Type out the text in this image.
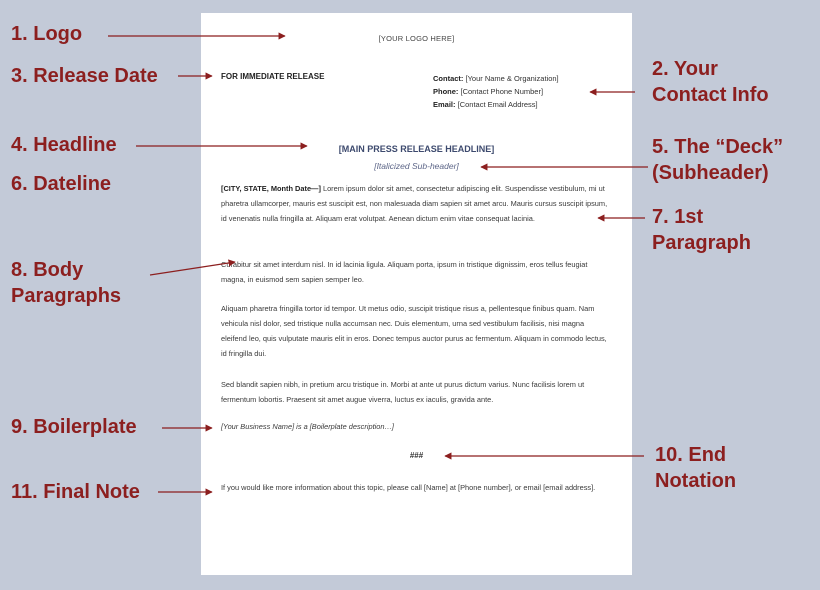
[YOUR LOGO HERE]
FOR IMMEDIATE RELEASE	Contact: [Your Name & Organization]
Phone: [Contact Phone Number]
Email: [Contact Email Address]
[MAIN PRESS RELEASE HEADLINE]
[Italicized Sub-header]
[CITY, STATE, Month Date—] Lorem ipsum dolor sit amet, consectetur adipiscing elit. Suspendisse vestibulum, mi ut pharetra ullamcorper, mauris est suscipit est, non malesuada diam sapien sit amet arcu. Mauris cursus suscipit ipsum, id venenatis nulla fringilla at. Aliquam erat volutpat. Aenean dictum enim vitae consequat lacinia.
Curabitur sit amet interdum nisl. In id lacinia ligula. Aliquam porta, ipsum in tristique dignissim, eros tellus feugiat magna, in euismod sem sapien semper leo.
Aliquam pharetra fringilla tortor id tempor. Ut metus odio, suscipit tristique risus a, pellentesque finibus quam. Nam vehicula nisl dolor, sed tristique nulla accumsan nec. Duis elementum, urna sed vestibulum facilisis, nisi magna eleifend leo, quis vulputate mauris elit in eros. Donec tempus auctor purus ac fermentum. Aliquam in commodo lectus, id fringilla dui.
Sed blandit sapien nibh, in pretium arcu tristique in. Morbi at ante ut purus dictum varius. Nunc facilisis lorem ut fermentum lobortis. Praesent sit amet augue viverra, luctus ex iaculis, gravida ante.
[Your Business Name] is a [Boilerplate description…]
###
If you would like more information about this topic, please call [Name] at [Phone number], or email [email address].
1. Logo
3. Release Date	2. Your
Contact Info
4. Headline	5. The “Deck”
(Subheader)
6. Dateline
7. 1st
Paragraph
8. Body
Paragraphs
9. Boilerplate
10. End
Notation
11. Final Note
